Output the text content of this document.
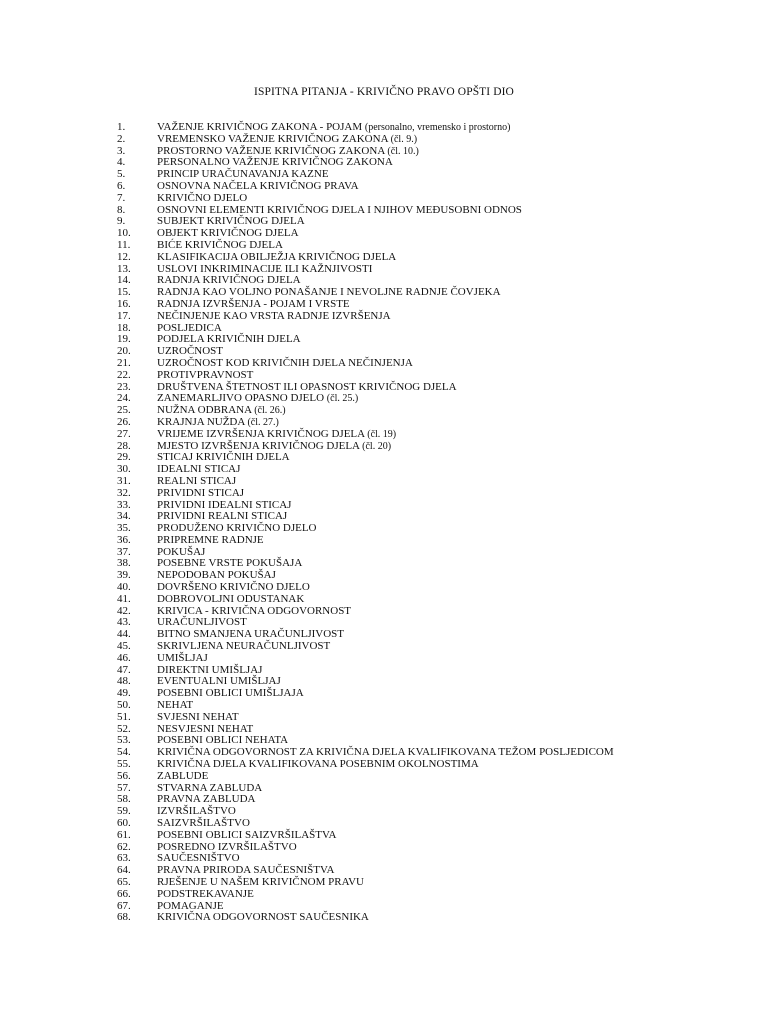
ISPITNA PITANJA - KRIVIČNO PRAVO OPŠTI DIO
1.	VAŽENJE KRIVIČNOG ZAKONA - POJAM (personalno, vremensko i prostorno)
2.	VREMENSKO VAŽENJE KRIVIČNOG ZAKONA (čl. 9.)
3.	PROSTORNO VAŽENJE KRIVIČNOG ZAKONA (čl. 10.)
4.	PERSONALNO VAŽENJE KRIVIČNOG ZAKONA
5.	PRINCIP URAČUNAVANJA KAZNE
6.	OSNOVNA NAČELA KRIVIČNOG PRAVA
7.	KRIVIČNO DJELO
8.	OSNOVNI ELEMENTI KRIVIČNOG DJELA I NJIHOV MEĐUSOBNI ODNOS
9.	SUBJEKT KRIVIČNOG DJELA
10.	OBJEKT KRIVIČNOG DJELA
11.	BIĆE KRIVIČNOG DJELA
12.	KLASIFIKACIJA OBILJEŽJA KRIVIČNOG DJELA
13.	USLOVI INKRIMINACIJE ILI KAŽNJIVOSTI
14.	RADNJA KRIVIČNOG DJELA
15.	RADNJA KAO VOLJNO PONAŠANJE I NEVOLJNE RADNJE ČOVJEKA
16.	RADNJA IZVRŠENJA - POJAM I VRSTE
17.	NEČINJENJE KAO VRSTA RADNJE IZVRŠENJA
18.	POSLJEDICA
19.	PODJELA KRIVIČNIH DJELA
20.	UZROČNOST
21.	UZROČNOST KOD KRIVIČNIH DJELA NEČINJENJA
22.	PROTIVPRAVNOST
23.	DRUŠTVENA ŠTETNOST ILI OPASNOST KRIVIČNOG DJELA
24.	ZANEMARLJIVO OPASNO DJELO (čl. 25.)
25.	NUŽNA ODBRANA (čl. 26.)
26.	KRAJNJA NUŽDA (čl. 27.)
27.	VRIJEME IZVRŠENJA KRIVIČNOG DJELA (čl. 19)
28.	MJESTO IZVRŠENJA KRIVIČNOG DJELA (čl. 20)
29.	STICAJ KRIVIČNIH DJELA
30.	IDEALNI STICAJ
31.	REALNI STICAJ
32.	PRIVIDNI STICAJ
33.	PRIVIDNI IDEALNI STICAJ
34.	PRIVIDNI REALNI STICAJ
35.	PRODUŽENO KRIVIČNO DJELO
36.	PRIPREMNE RADNJE
37.	POKUŠAJ
38.	POSEBNE VRSTE POKUŠAJA
39.	NEPODOBAN POKUŠAJ
40.	DOVRŠENO KRIVIČNO DJELO
41.	DOBROVOLJNI ODUSTANAK
42.	KRIVICA - KRIVIČNA ODGOVORNOST
43.	URAČUNLJIVOST
44.	BITNO SMANJENA URAČUNLJIVOST
45.	SKRIVLJENA NEURAČUNLJIVOST
46.	UMIŠLJAJ
47.	DIREKTNI UMIŠLJAJ
48.	EVENTUALNI UMIŠLJAJ
49.	POSEBNI OBLICI UMIŠLJAJA
50.	NEHAT
51.	SVJESNI NEHAT
52.	NESVJESNI NEHAT
53.	POSEBNI OBLICI NEHATA
54.	KRIVIČNA ODGOVORNOST ZA KRIVIČNA DJELA KVALIFIKOVANA TEŽOM POSLJEDICOM
55.	KRIVIČNA DJELA KVALIFIKOVANA POSEBNIM OKOLNOSTIMA
56.	ZABLUDE
57.	STVARNA ZABLUDA
58.	PRAVNA ZABLUDA
59.	IZVRŠILAŠTVO
60.	SAIZVRŠILAŠTVO
61.	POSEBNI OBLICI SAIZVRŠILAŠTVA
62.	POSREDNO IZVRŠILAŠTVO
63.	SAUČESNIŠTVO
64.	PRAVNA PRIRODA SAUČESNIŠTVA
65.	RJEŠENJE U NAŠEM KRIVIČNOM PRAVU
66.	PODSTREKAVANJE
67.	POMAGANJE
68.	KRIVIČNA ODGOVORNOST SAUČESNIKA
